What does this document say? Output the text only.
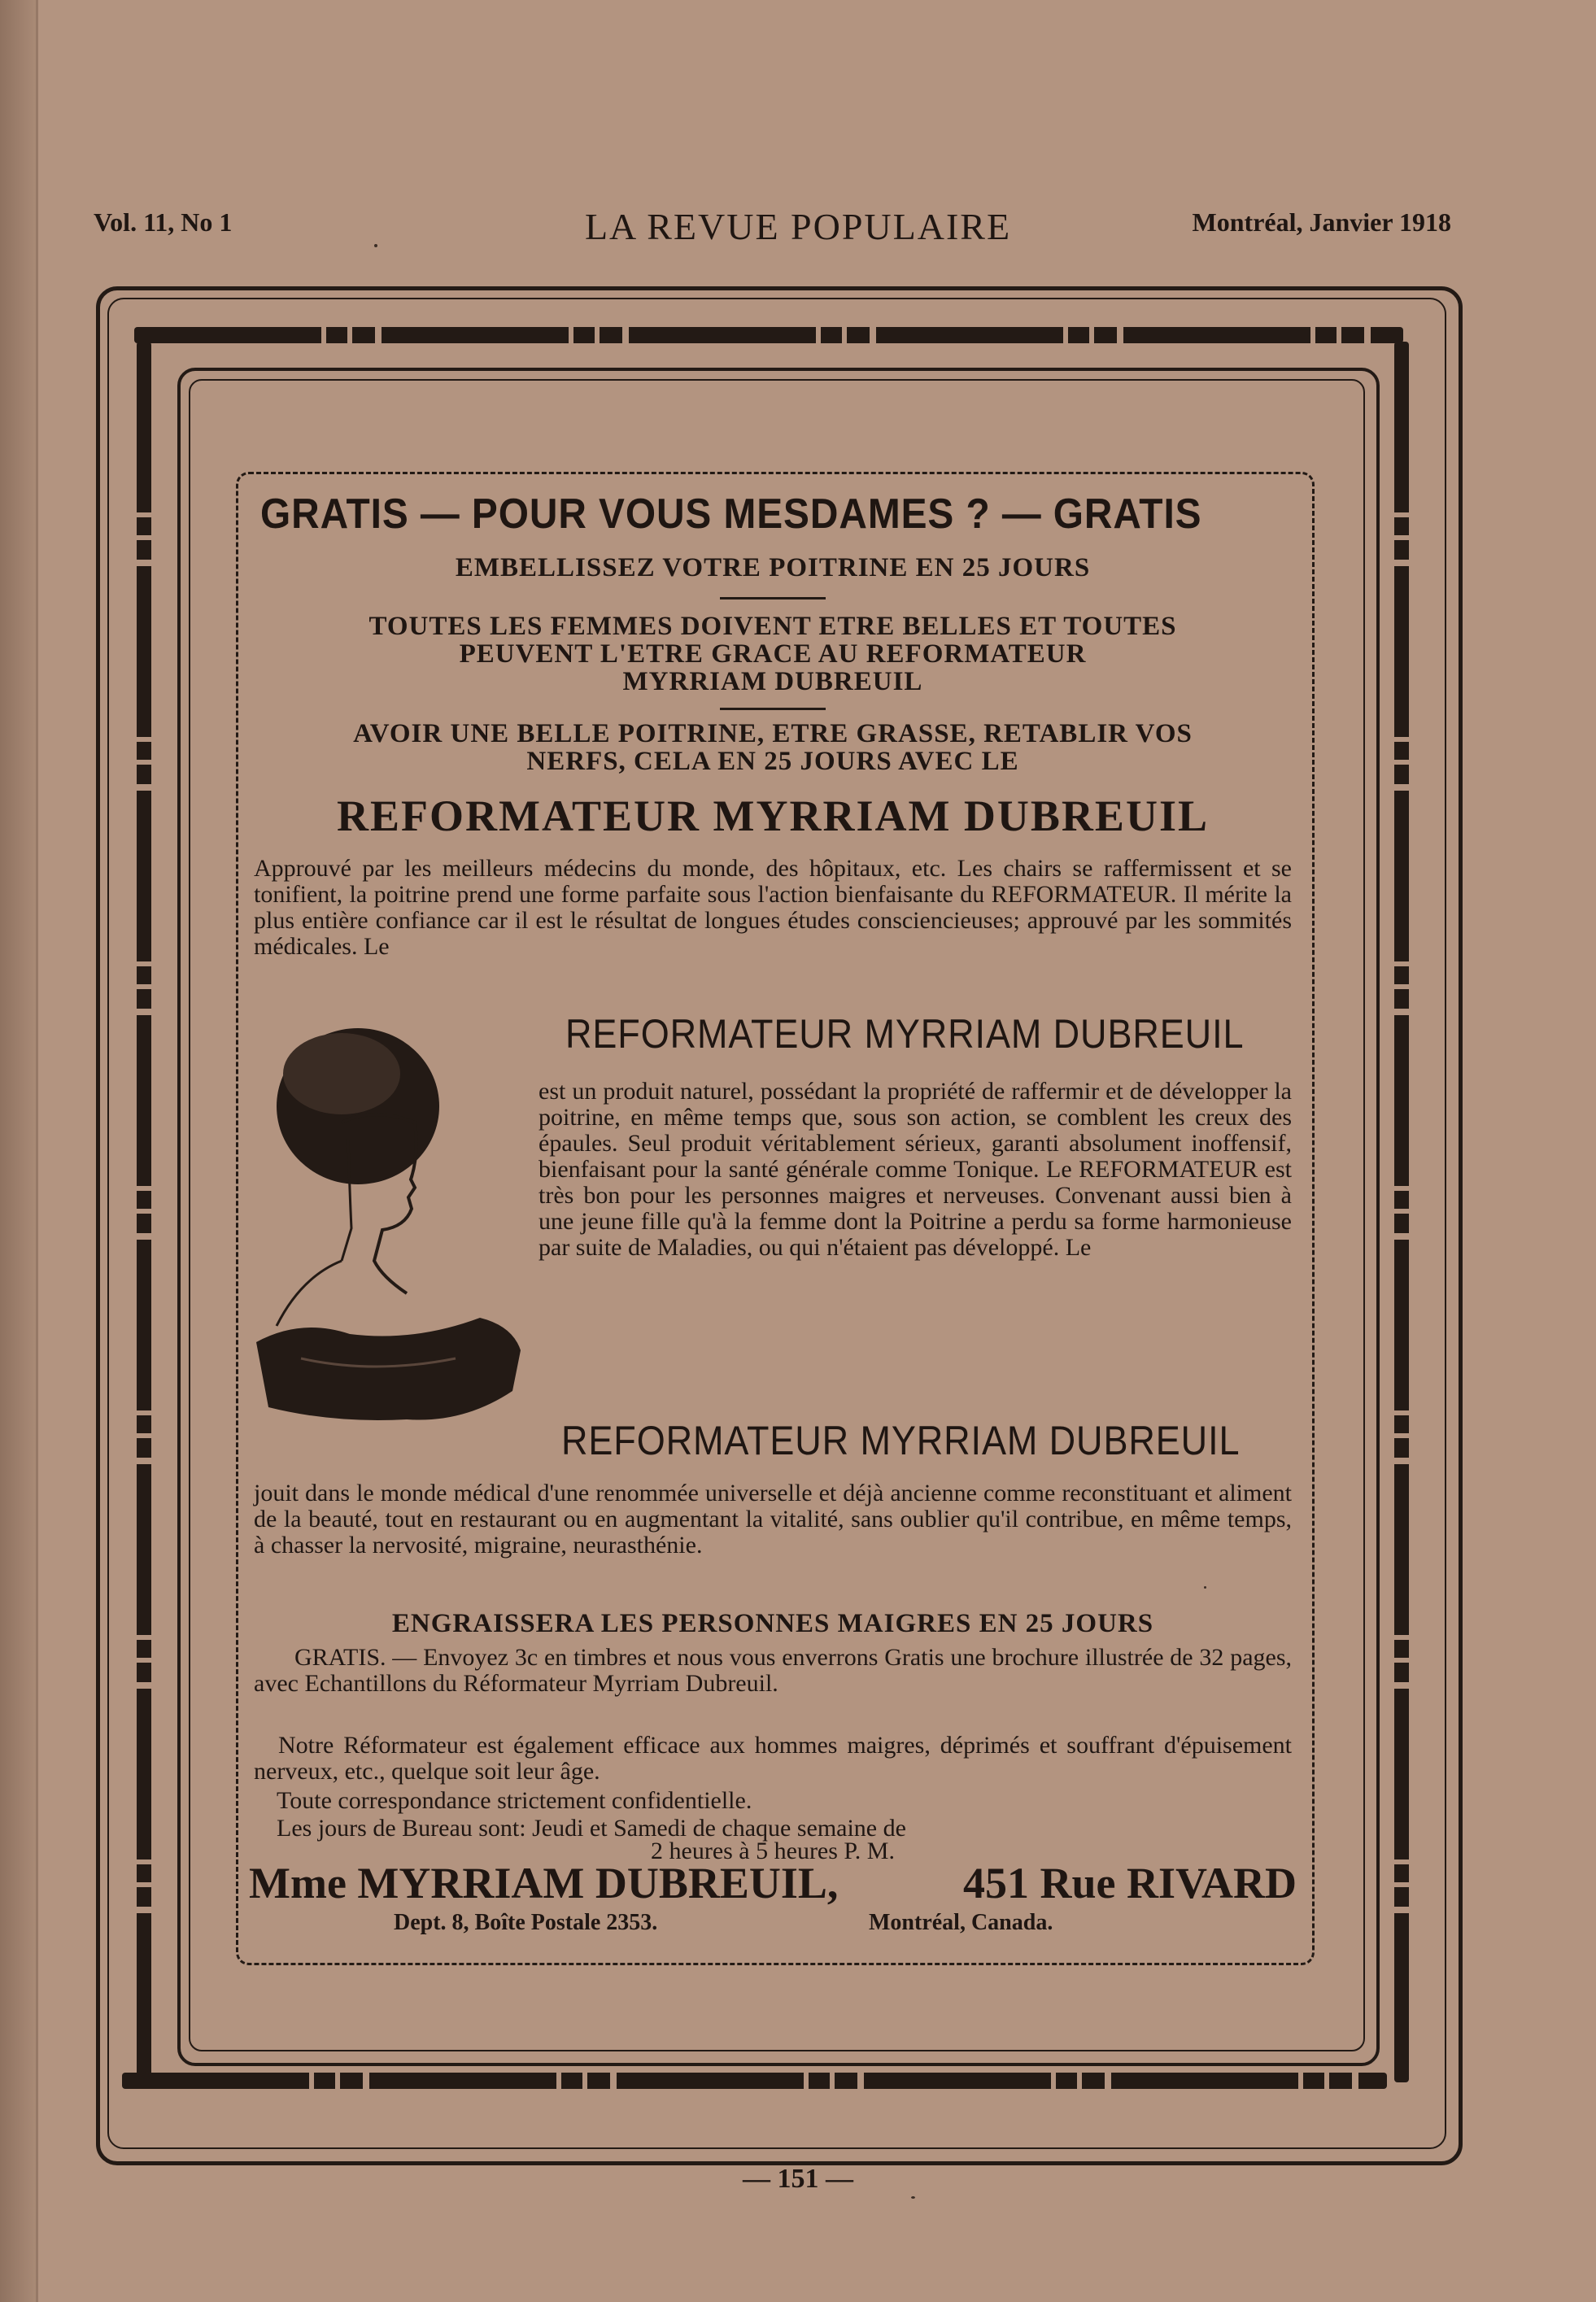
Vol. 11, No 1	LA REVUE POPULAIRE	Montréal, Janvier 1918
GRATIS — POUR VOUS MESDAMES ? — GRATIS
EMBELLISSEZ VOTRE POITRINE EN 25 JOURS
TOUTES LES FEMMES DOIVENT ETRE BELLES ET TOUTES
PEUVENT L'ETRE GRACE AU REFORMATEUR
MYRRIAM DUBREUIL
AVOIR UNE BELLE POITRINE, ETRE GRASSE, RETABLIR VOS
NERFS, CELA EN 25 JOURS AVEC LE
REFORMATEUR MYRRIAM DUBREUIL
Approuvé par les meilleurs médecins du monde, des hôpitaux, etc. Les chairs se raffermissent et se tonifient, la poitrine prend une forme parfaite sous l'action bienfaisante du REFORMATEUR. Il mérite la plus entière confiance car il est le résultat de longues études consciencieuses; approuvé par les sommités médicales. Le
REFORMATEUR MYRRIAM DUBREUIL
est un produit naturel, possédant la propriété de raffermir et de développer la poitrine, en même temps que, sous son action, se comblent les creux des épaules. Seul produit véritablement sérieux, garanti absolument inoffensif, bienfaisant pour la santé générale comme Tonique. Le REFORMATEUR est très bon pour les personnes maigres et nerveuses. Convenant aussi bien à une jeune fille qu'à la femme dont la Poitrine a perdu sa forme harmonieuse par suite de Maladies, ou qui n'étaient pas développé. Le
REFORMATEUR MYRRIAM DUBREUIL
jouit dans le monde médical d'une renommée universelle et déjà ancienne comme reconstituant et aliment de la beauté, tout en restaurant ou en augmentant la vitalité, sans oublier qu'il contribue, en même temps, à chasser la nervosité, migraine, neurasthénie.
ENGRAISSERA LES PERSONNES MAIGRES EN 25 JOURS
GRATIS. — Envoyez 3c en timbres et nous vous enverrons Gratis une brochure illustrée de 32 pages, avec Echantillons du Réformateur Myrriam Dubreuil.
Notre Réformateur est également efficace aux hommes maigres, déprimés et souffrant d'épuisement nerveux, etc., quelque soit leur âge.
Toute correspondance strictement confidentielle.
Les jours de Bureau sont: Jeudi et Samedi de chaque semaine de
2 heures à 5 heures P. M.
Mme MYRRIAM DUBREUIL,	451 Rue RIVARD
Dept. 8, Boîte Postale 2353.	Montréal, Canada.
— 151 —
